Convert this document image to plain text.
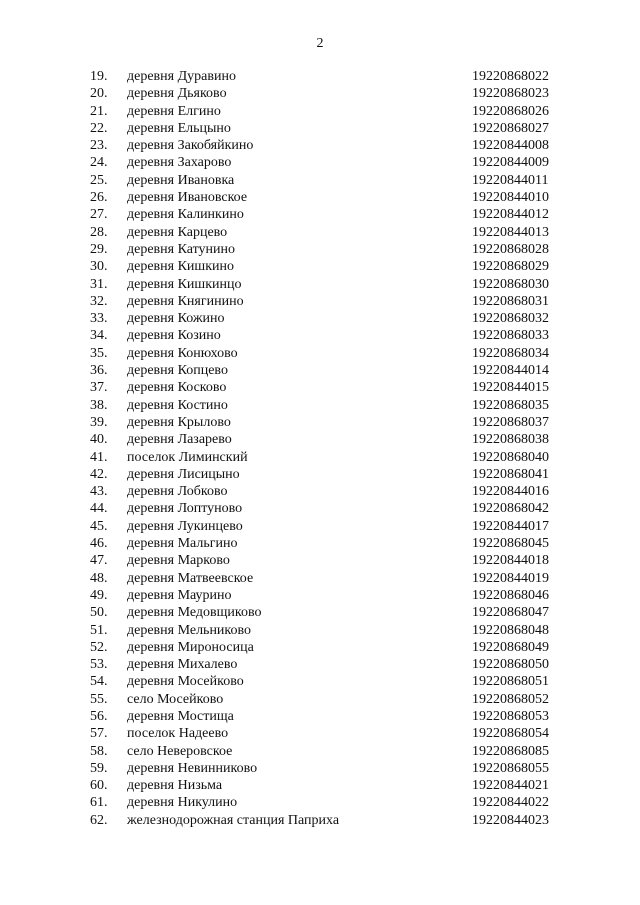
2
19.	деревня Дуравино	19220868022
20.	деревня Дьяково	19220868023
21.	деревня Елгино	19220868026
22.	деревня Ельцыно	19220868027
23.	деревня Закобяйкино	19220844008
24.	деревня Захарово	19220844009
25.	деревня Ивановка	19220844011
26.	деревня Ивановское	19220844010
27.	деревня Калинкино	19220844012
28.	деревня Карцево	19220844013
29.	деревня Катунино	19220868028
30.	деревня Кишкино	19220868029
31.	деревня Кишкинцо	19220868030
32.	деревня Княгинино	19220868031
33.	деревня Кожино	19220868032
34.	деревня Козино	19220868033
35.	деревня Конюхово	19220868034
36.	деревня Копцево	19220844014
37.	деревня Косково	19220844015
38.	деревня Костино	19220868035
39.	деревня Крылово	19220868037
40.	деревня Лазарево	19220868038
41.	поселок Лиминский	19220868040
42.	деревня Лисицыно	19220868041
43.	деревня Лобково	19220844016
44.	деревня Лоптуново	19220868042
45.	деревня Лукинцево	19220844017
46.	деревня Мальгино	19220868045
47.	деревня Марково	19220844018
48.	деревня Матвеевское	19220844019
49.	деревня Маурино	19220868046
50.	деревня Медовщиково	19220868047
51.	деревня Мельниково	19220868048
52.	деревня Мироносица	19220868049
53.	деревня Михалево	19220868050
54.	деревня Мосейково	19220868051
55.	село Мосейково	19220868052
56.	деревня Мостища	19220868053
57.	поселок Надеево	19220868054
58.	село Неверовское	19220868085
59.	деревня Невинниково	19220868055
60.	деревня Низьма	19220844021
61.	деревня Никулино	19220844022
62.	железнодорожная станция Паприха	19220844023
